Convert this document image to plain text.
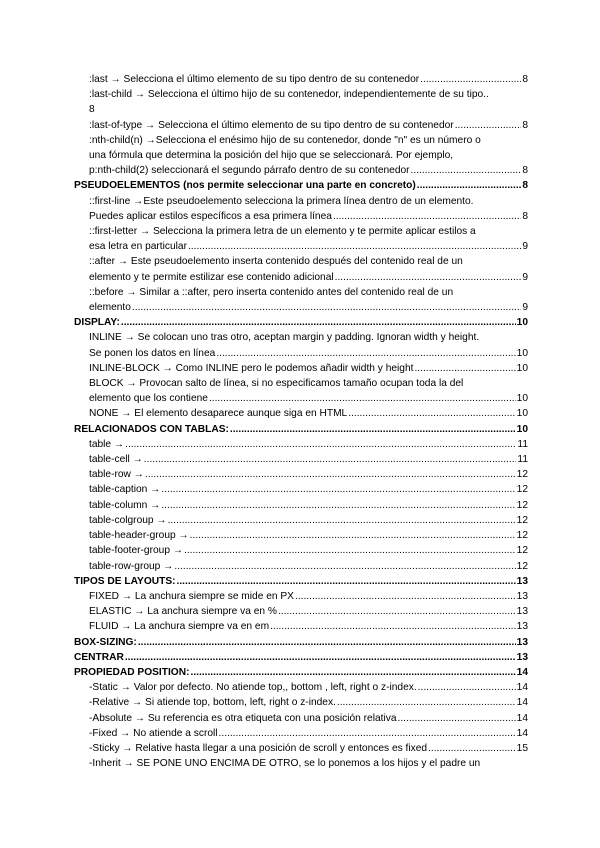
:last → Selecciona el último elemento de su tipo dentro de su contenedor .....	8
:last-child → Selecciona el último hijo de su contenedor, independientemente de su tipo..
8
:last-of-type → Selecciona el último elemento de su tipo dentro de su contenedor .....	8
:nth-child(n) →Selecciona el enésimo hijo de su contenedor, donde "n" es un número o
una fórmula que determina la posición del hijo que se seleccionará. Por ejemplo,
p:nth-child(2) seleccionará el segundo párrafo dentro de su contenedor .....	8
PSEUDOELEMENTOS (nos permite seleccionar una parte en concreto) .....	8
::first-line →Este pseudoelemento selecciona la primera línea dentro de un elemento.
Puedes aplicar estilos específicos a esa primera línea .....	8
::first-letter → Selecciona la primera letra de un elemento y te permite aplicar estilos a
esa letra en particular .....	9
::after → Este pseudoelemento inserta contenido después del contenido real de un
elemento y te permite estilizar ese contenido adicional .....	9
::before → Similar a ::after, pero inserta contenido antes del contenido real de un
elemento .....	9
DISPLAY: .....	10
INLINE → Se colocan uno tras otro, aceptan margin y padding. Ignoran width y height.
Se ponen los datos en línea .....	10
INLINE-BLOCK → Como INLINE pero le podemos añadir width y height .....	10
BLOCK → Provocan salto de línea, si no especificamos tamaño ocupan toda la del
elemento que los contiene .....	10
NONE → El elemento desaparece aunque siga en HTML .....	10
RELACIONADOS CON TABLAS: .....	10
table → .....	11
table-cell → .....	11
table-row → .....	12
table-caption → .....	12
table-column → .....	12
table-colgroup → .....	12
table-header-group → .....	12
table-footer-group → .....	12
table-row-group → .....	12
TIPOS DE LAYOUTS: .....	13
FIXED → La anchura siempre se mide en PX .....	13
ELASTIC → La anchura siempre va en % .....	13
FLUID → La anchura siempre va en em .....	13
BOX-SIZING: .....	13
CENTRAR .....	13
PROPIEDAD POSITION: .....	14
-Static → Valor por defecto. No atiende top,, bottom , left, right o z-index. .....	14
-Relative → Si atiende top, bottom, left, right o z-index. .....	14
-Absolute → Su referencia es otra etiqueta con una posición relativa .....	14
-Fixed → No atiende a scroll .....	14
-Sticky → Relative hasta llegar a una posición de scroll y entonces es fixed .....	15
-Inherit → SE PONE UNO ENCIMA DE OTRO, se lo ponemos a los hijos y el padre un
